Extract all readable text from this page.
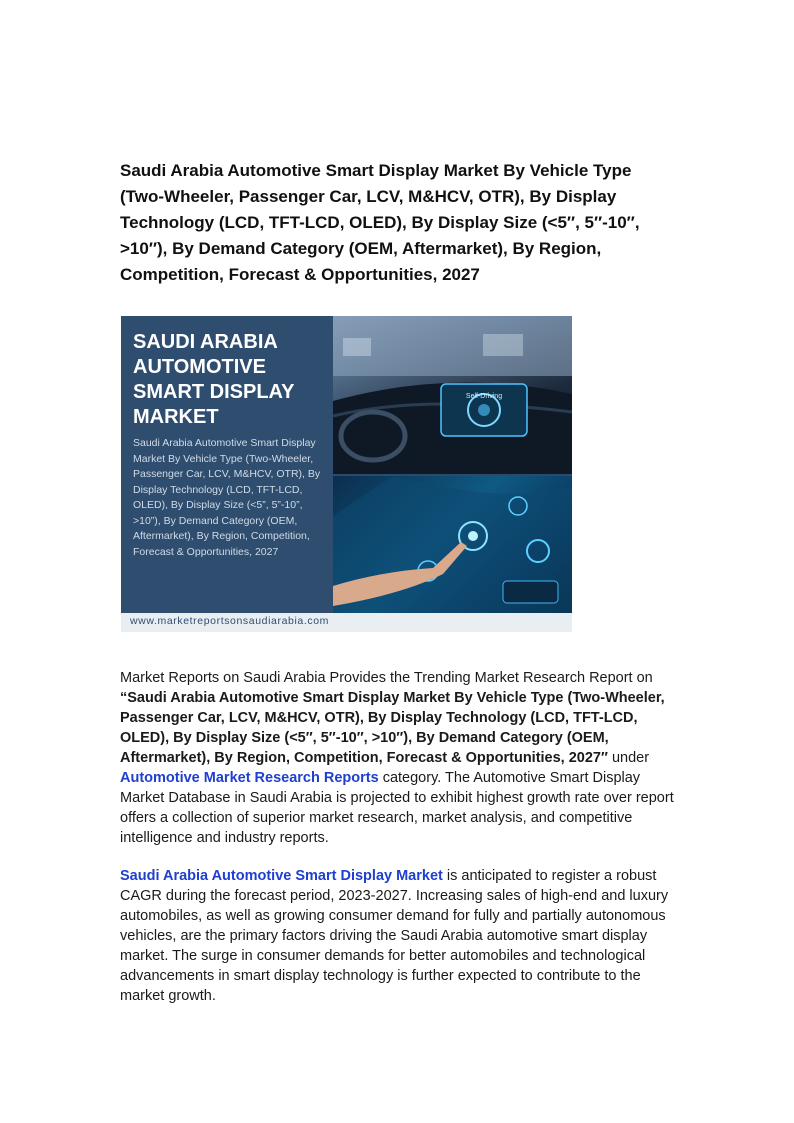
Saudi Arabia Automotive Smart Display Market By Vehicle Type (Two-Wheeler, Passenger Car, LCV, M&HCV, OTR), By Display Technology (LCD, TFT-LCD, OLED), By Display Size (<5″, 5″-10″, >10″), By Demand Category (OEM, Aftermarket), By Region, Competition, Forecast & Opportunities, 2027
SAUDI ARABIA
AUTOMOTIVE
SMART DISPLAY
MARKET
Saudi Arabia Automotive Smart Display Market By Vehicle Type (Two-Wheeler, Passenger Car, LCV, M&HCV, OTR), By Display Technology (LCD, TFT-LCD, OLED), By Display Size (<5”, 5”-10”, >10”), By Demand Category (OEM, Aftermarket), By Region, Competition, Forecast & Opportunities, 2027
Self-Driving
www.marketreportsonsaudiarabia.com

Market Reports on Saudi Arabia Provides the Trending Market Research Report on “Saudi Arabia Automotive Smart Display Market By Vehicle Type (Two-Wheeler, Passenger Car, LCV, M&HCV, OTR), By Display Technology (LCD, TFT-LCD, OLED), By Display Size (<5″, 5″-10″, >10″), By Demand Category (OEM, Aftermarket), By Region, Competition, Forecast & Opportunities, 2027″ under Automotive Market Research Reports category. The Automotive Smart Display Market Database in Saudi Arabia is projected to exhibit highest growth rate over report offers a collection of superior market research, market analysis, and competitive intelligence and industry reports.

Saudi Arabia Automotive Smart Display Market is anticipated to register a robust CAGR during the forecast period, 2023-2027. Increasing sales of high-end and luxury automobiles, as well as growing consumer demand for fully and partially autonomous vehicles, are the primary factors driving the Saudi Arabia automotive smart display market. The surge in consumer demands for better automobiles and technological advancements in smart display technology is further expected to contribute to the market growth.
